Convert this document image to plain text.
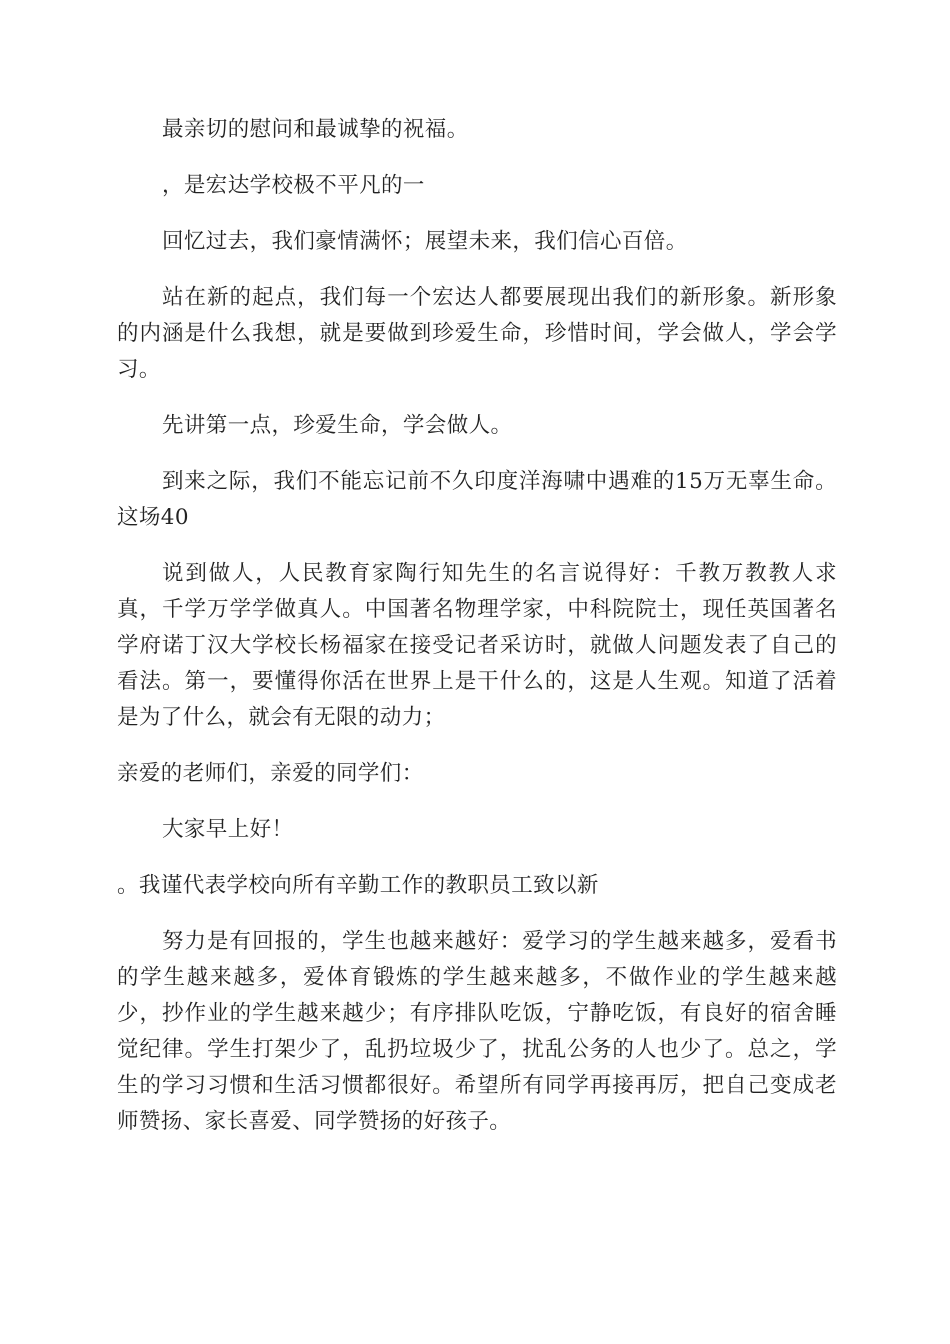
最亲切的慰问和最诚挚的祝福。

，是宏达学校极不平凡的一

回忆过去，我们豪情满怀；展望未来，我们信心百倍。

站在新的起点，我们每一个宏达人都要展现出我们的新形象。新形象的内涵是什么我想，就是要做到珍爱生命，珍惜时间，学会做人，学会学习。

先讲第一点，珍爱生命，学会做人。

到来之际，我们不能忘记前不久印度洋海啸中遇难的15万无辜生命。这场40

说到做人，人民教育家陶行知先生的名言说得好：千教万教教人求真，千学万学学做真人。中国著名物理学家，中科院院士，现任英国著名学府诺丁汉大学校长杨福家在接受记者采访时，就做人问题发表了自己的看法。第一，要懂得你活在世界上是干什么的，这是人生观。知道了活着是为了什么，就会有无限的动力；

亲爱的老师们，亲爱的同学们：

大家早上好！

。我谨代表学校向所有辛勤工作的教职员工致以新

努力是有回报的，学生也越来越好：爱学习的学生越来越多，爱看书的学生越来越多，爱体育锻炼的学生越来越多，不做作业的学生越来越少，抄作业的学生越来越少；有序排队吃饭，宁静吃饭，有良好的宿舍睡觉纪律。学生打架少了，乱扔垃圾少了，扰乱公务的人也少了。总之，学生的学习习惯和生活习惯都很好。希望所有同学再接再厉，把自己变成老师赞扬、家长喜爱、同学赞扬的好孩子。
